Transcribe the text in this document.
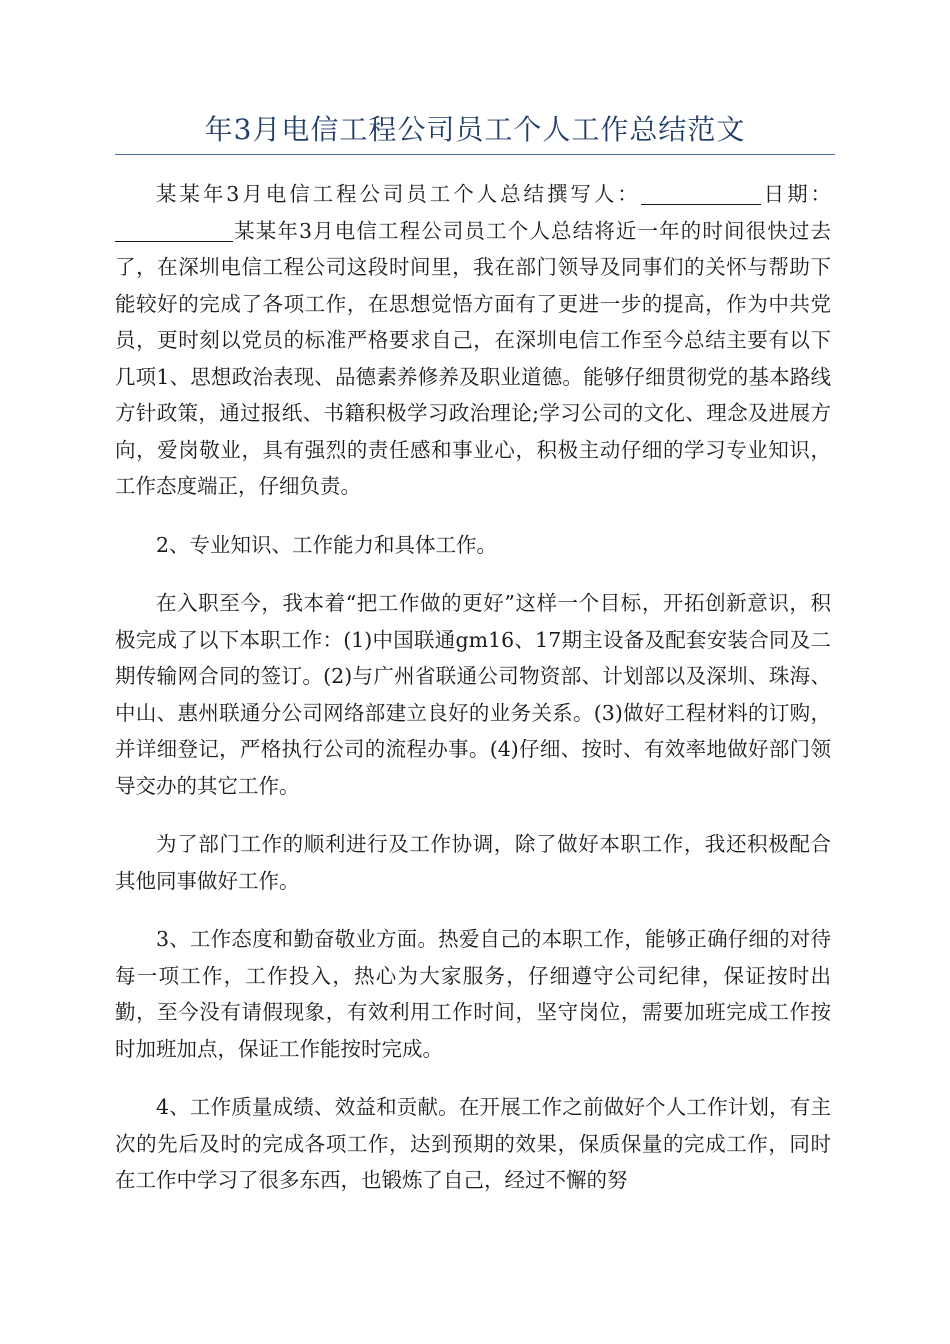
年3月电信工程公司员工个人工作总结范文

某某年3月电信工程公司员工个人总结撰写人：	日期：某某年3月电信工程公司员工个人总结将近一年的时间很快过去了，在深圳电信工程公司这段时间里，我在部门领导及同事们的关怀与帮助下能较好的完成了各项工作，在思想觉悟方面有了更进一步的提高，作为中共党员，更时刻以党员的标准严格要求自己，在深圳电信工作至今总结主要有以下几项1、思想政治表现、品德素养修养及职业道德。能够仔细贯彻党的基本路线方针政策，通过报纸、书籍积极学习政治理论;学习公司的文化、理念及进展方向，爱岗敬业，具有强烈的责任感和事业心，积极主动仔细的学习专业知识，工作态度端正，仔细负责。

2、专业知识、工作能力和具体工作。

在入职至今，我本着“把工作做的更好”这样一个目标，开拓创新意识，积极完成了以下本职工作：(1)中国联通gm16、17期主设备及配套安装合同及二期传输网合同的签订。(2)与广州省联通公司物资部、计划部以及深圳、珠海、中山、惠州联通分公司网络部建立良好的业务关系。(3)做好工程材料的订购，并详细登记，严格执行公司的流程办事。(4)仔细、按时、有效率地做好部门领导交办的其它工作。

为了部门工作的顺利进行及工作协调，除了做好本职工作，我还积极配合其他同事做好工作。

3、工作态度和勤奋敬业方面。热爱自己的本职工作，能够正确仔细的对待每一项工作，工作投入，热心为大家服务，仔细遵守公司纪律，保证按时出勤，至今没有请假现象，有效利用工作时间，坚守岗位，需要加班完成工作按时加班加点，保证工作能按时完成。

4、工作质量成绩、效益和贡献。在开展工作之前做好个人工作计划，有主次的先后及时的完成各项工作，达到预期的效果，保质保量的完成工作，同时在工作中学习了很多东西，也锻炼了自己，经过不懈的努
